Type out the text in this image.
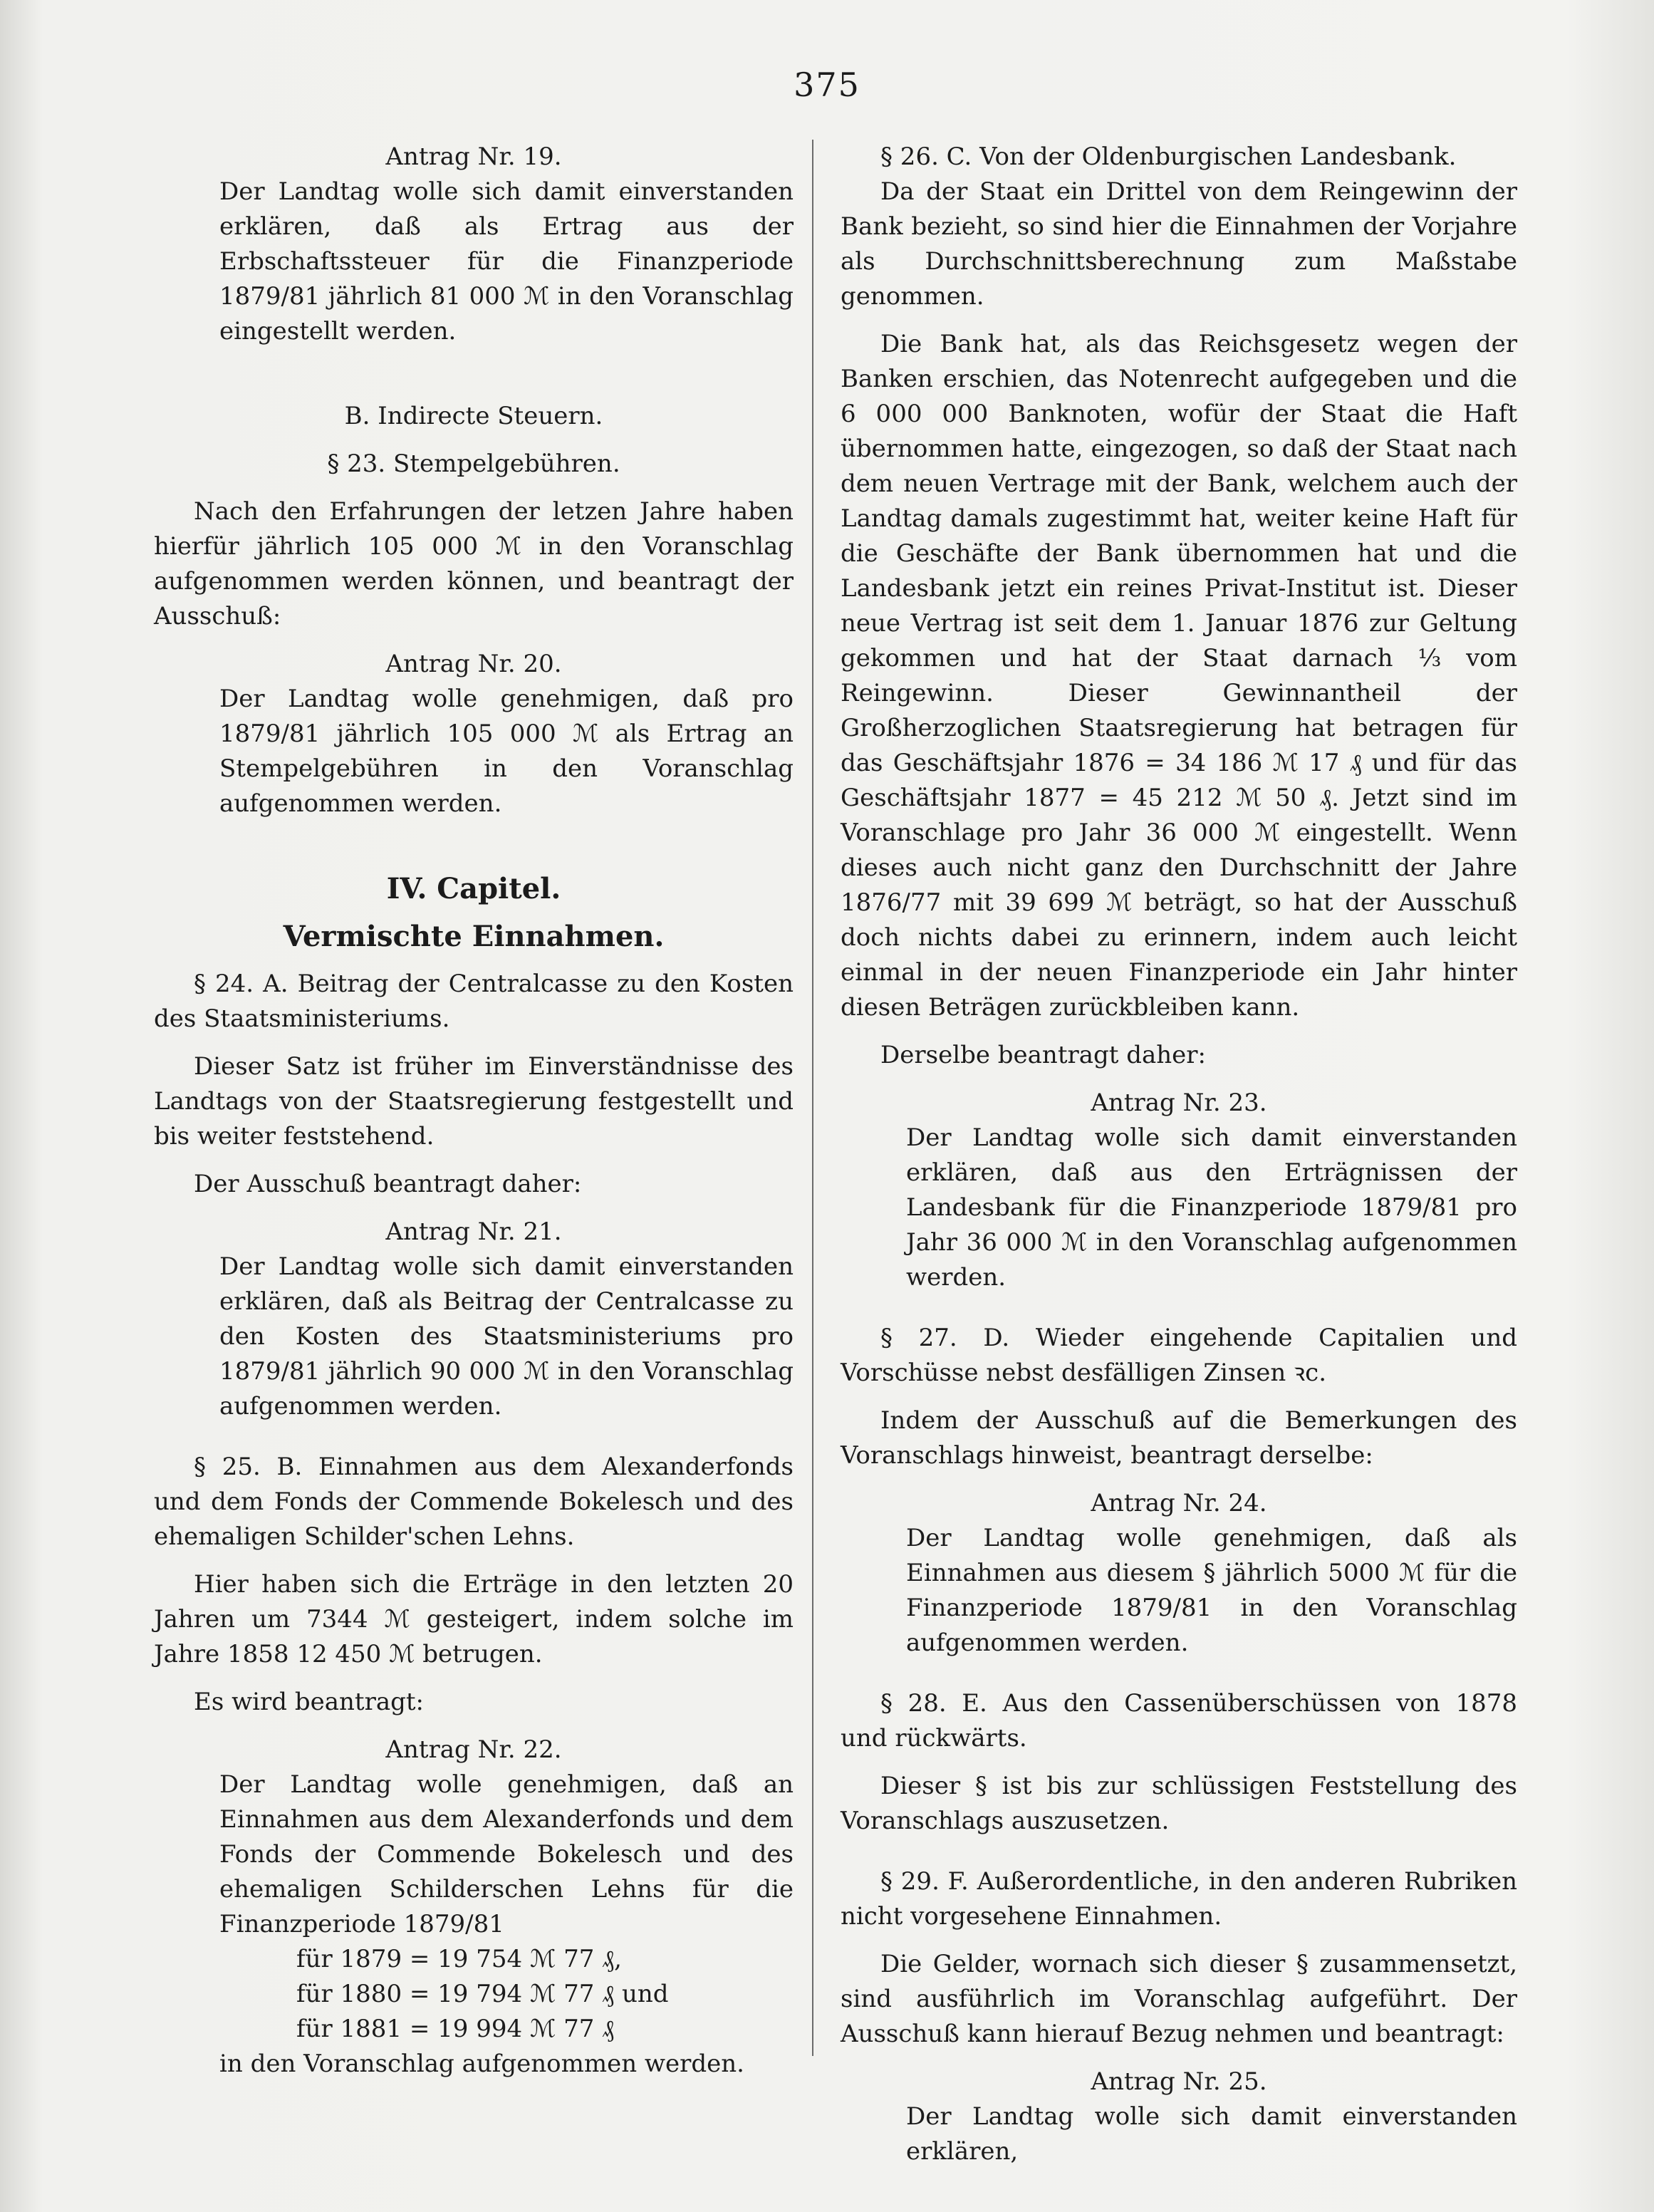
375

Antrag Nr. 19.

Der Landtag wolle sich damit einverstanden erklären, daß als Ertrag aus der Erbschaftssteuer für die Finanzperiode 1879/81 jährlich 81 000 ℳ in den Voranschlag eingestellt werden.

B. Indirecte Steuern.

§ 23. Stempelgebühren.

Nach den Erfahrungen der letzen Jahre haben hierfür jährlich 105 000 ℳ in den Voranschlag aufgenommen werden können, und beantragt der Ausschuß:

Antrag Nr. 20.

Der Landtag wolle genehmigen, daß pro 1879/81 jährlich 105 000 ℳ als Ertrag an Stempelgebühren in den Voranschlag aufgenommen werden.

IV. Capitel.

Vermischte Einnahmen.

§ 24. A. Beitrag der Centralcasse zu den Kosten des Staatsministeriums.

Dieser Satz ist früher im Einverständnisse des Landtags von der Staatsregierung festgestellt und bis weiter feststehend.

Der Ausschuß beantragt daher:

Antrag Nr. 21.

Der Landtag wolle sich damit einverstanden erklären, daß als Beitrag der Centralcasse zu den Kosten des Staatsministeriums pro 1879/81 jährlich 90 000 ℳ in den Voranschlag aufgenommen werden.

§ 25. B. Einnahmen aus dem Alexanderfonds und dem Fonds der Commende Bokelesch und des ehemaligen Schilder'schen Lehns.

Hier haben sich die Erträge in den letzten 20 Jahren um 7344 ℳ gesteigert, indem solche im Jahre 1858 12 450 ℳ betrugen.

Es wird beantragt:

Antrag Nr. 22.

Der Landtag wolle genehmigen, daß an Einnahmen aus dem Alexanderfonds und dem Fonds der Commende Bokelesch und des ehemaligen Schilderschen Lehns für die Finanzperiode 1879/81

für 1879 = 19 754 ℳ 77 ₰,

für 1880 = 19 794 ℳ 77 ₰ und

für 1881 = 19 994 ℳ 77 ₰

in den Voranschlag aufgenommen werden.

§ 26. C. Von der Oldenburgischen Landesbank.

Da der Staat ein Drittel von dem Reingewinn der Bank bezieht, so sind hier die Einnahmen der Vorjahre als Durchschnittsberechnung zum Maßstabe genommen.

Die Bank hat, als das Reichsgesetz wegen der Banken erschien, das Notenrecht aufgegeben und die 6 000 000 Banknoten, wofür der Staat die Haft übernommen hatte, eingezogen, so daß der Staat nach dem neuen Vertrage mit der Bank, welchem auch der Landtag damals zugestimmt hat, weiter keine Haft für die Geschäfte der Bank übernommen hat und die Landesbank jetzt ein reines Privat-Institut ist. Dieser neue Vertrag ist seit dem 1. Januar 1876 zur Geltung gekommen und hat der Staat darnach ⅓ vom Reingewinn. Dieser Gewinnantheil der Großherzoglichen Staatsregierung hat betragen für das Geschäftsjahr 1876 = 34 186 ℳ 17 ₰ und für das Geschäftsjahr 1877 = 45 212 ℳ 50 ₰. Jetzt sind im Voranschlage pro Jahr 36 000 ℳ eingestellt. Wenn dieses auch nicht ganz den Durchschnitt der Jahre 1876/77 mit 39 699 ℳ beträgt, so hat der Ausschuß doch nichts dabei zu erinnern, indem auch leicht einmal in der neuen Finanzperiode ein Jahr hinter diesen Beträgen zurückbleiben kann.

Derselbe beantragt daher:

Antrag Nr. 23.

Der Landtag wolle sich damit einverstanden erklären, daß aus den Erträgnissen der Landesbank für die Finanzperiode 1879/81 pro Jahr 36 000 ℳ in den Voranschlag aufgenommen werden.

§ 27. D. Wieder eingehende Capitalien und Vorschüsse nebst desfälligen Zinsen ꝛc.

Indem der Ausschuß auf die Bemerkungen des Voranschlags hinweist, beantragt derselbe:

Antrag Nr. 24.

Der Landtag wolle genehmigen, daß als Einnahmen aus diesem § jährlich 5000 ℳ für die Finanzperiode 1879/81 in den Voranschlag aufgenommen werden.

§ 28. E. Aus den Cassenüberschüssen von 1878 und rückwärts.

Dieser § ist bis zur schlüssigen Feststellung des Voranschlags auszusetzen.

§ 29. F. Außerordentliche, in den anderen Rubriken nicht vorgesehene Einnahmen.

Die Gelder, wornach sich dieser § zusammensetzt, sind ausführlich im Voranschlag aufgeführt. Der Ausschuß kann hierauf Bezug nehmen und beantragt:

Antrag Nr. 25.

Der Landtag wolle sich damit einverstanden erklären,
